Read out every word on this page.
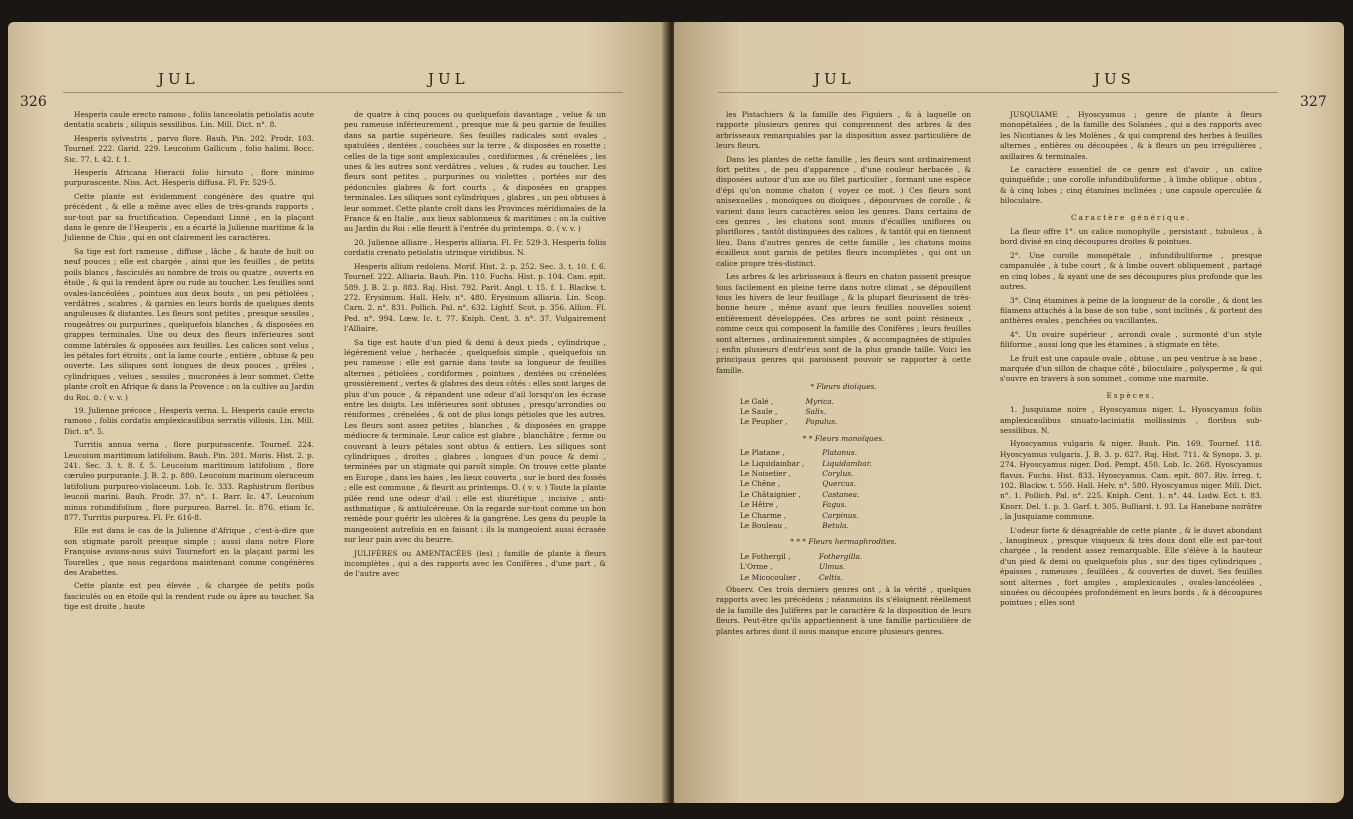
326
JUL	JUL

Hesperis caule erecto ramoso , foliis lanceolatis petiolatis acute dentatis scabris , siliquis sessilibus. Lin. Mill. Dict. n°. 8.

Hesperis sylvestris , parvo flore. Bauh. Pin. 202. Prodr. 103. Tournef. 222. Garid. 229. Leucoium Gallicum , folio halimi. Bocc. Sic. 77. t. 42. f. 1.

Hesperis Africana Hieracii folio hirsuto , flore minimo purpurascente. Niss. Act. Hesperis diffusa. Fl. Fr. 529-5.

Cette plante est évidemment congénère des quatre qui précèdent , & elle a même avec elles de très-grands rapports , sur-tout par sa fructification. Cependant Linné , en la plaçant dans le genre de l'Hesperis , en a écarté la Julienne maritime & la Julienne de Chio , qui en ont clairement les caractères.

Sa tige est fort rameuse , diffuse , lâche , & haute de huit ou neuf pouces ; elle est chargée , ainsi que les feuilles , de petits poils blancs , fasciculés au nombre de trois ou quatre , ouverts en étoile , & qui la rendent âpre ou rude au toucher. Les feuilles sont ovales-lancéolées , pointues aux deux bouts , un peu pétiolées , verdâtres , scabres , & garnies en leurs bords de quelques dents anguleuses & distantes. Les fleurs sont petites , presque sessiles , rougeâtres ou purpurines , quelquefois blanches , & disposées en grappes terminales. Une ou deux des fleurs inférieures sont comme latérales & opposées aux feuilles. Les calices sont velus , les pétales fort étroits , ont la lame courte , entière , obtuse & peu ouverte. Les siliques sont longues de deux pouces , grêles , cylindriques , velues , sessiles , mucronées à leur sommet. Cette plante croît en Afrique & dans la Provence : on la cultive au Jardin du Roi. ⊙. ( v. v. )

19. Julienne précoce , Hesperis verna. L. Hesperis caule erecto ramoso , foliis cordatis amplexicaulibus serratis villosis. Lin. Mill. Dict. n°. 5.

Turritis annua verna , flore purpurascente. Tournef. 224. Leucoium maritimum latifolium. Bauh. Pin. 201. Moris. Hist. 2. p. 241. Sec. 3. t. 8. f. 5. Leucoium maritimum latifolium , flore cæruleo purpurante. J. B. 2. p. 880. Leucoium marinum oleraceum latifolium purpureo-violaceum. Lob. Ic. 333. Raphistrum floribus leucoii marini. Bauh. Prodr. 37. n°. 1. Barr. Ic. 47. Leucoium minus rotundifolium , flore purpureo. Barrel. Ic. 876. etiam Ic. 877. Turritis purpurea. Fl. Fr. 616-8.

Elle est dans le cas de la Julienne d'Afrique , c'est-à-dire que son stigmate paroît presque simple ; aussi dans notre Flore Françoise avions-nous suivi Tournefort en la plaçant parmi les Tourelles , que nous regardons maintenant comme congénères des Arabettes.

Cette plante est peu élevée , & chargée de petits poils fasciculés ou en étoile qui la rendent rude ou âpre au toucher. Sa tige est droite , haute

de quatre à cinq pouces ou quelquefois davantage , velue & un peu rameuse inférieurement , presque nue & peu garnie de feuilles dans sa partie supérieure. Ses feuilles radicales sont ovales , spatulées , dentées , couchées sur la terre , & disposées en rosette ; celles de la tige sont amplexicaules , cordiformes , & crénelées , les unes & les autres sont verdâtres , velues , & rudes au toucher. Les fleurs sont petites , purpurines ou violettes , portées sur des pédoncules glabres & fort courts , & disposées en grappes terminales. Les siliques sont cylindriques , glabres , un peu obtuses à leur sommet. Cette plante croît dans les Provinces méridionales de la France & en Italie , aux lieux sablonneux & maritimes : on la cultive au Jardin du Roi : elle fleurit à l'entrée du printemps. ⊙. ( v. v. )

20. Julienne alliaire , Hesperis alliaria. Fl. Fr. 529-3. Hesperis foliis cordatis crenato petiolatis utrinque viridibus. N.

Hesperis allium redolens. Morif. Hist. 2. p. 252. Sec. 3. t. 10. f. 6. Tournef. 222. Alliaria. Bauh. Pin. 110. Fuchs. Hist. p. 104. Cam. epit. 589. J. B. 2. p. 883. Raj. Hist. 792. Parit. Angl. t. 15. f. 1. Blackw. t. 272. Erysimum. Hall. Helv. n°. 480. Erysimum alliaria. Lin. Scop. Carn. 2. n°. 831. Pollich. Pal. n°. 632. Lightf. Scot. p. 356. Allion. Fl. Ped. n°. 994. Lœw. Ic. t. 77. Kniph. Cent. 3. n°. 37. Vulgairement l'Alliaire.

Sa tige est haute d'un pied & demi à deux pieds , cylindrique , légèrement velue , herbacée , quelquefois simple , quelquefois un peu rameuse : elle est garnie dans toute sa longueur de feuilles alternes , pétiolées , cordiformes , pointues , dentées ou crénelées grossièrement , vertes & glabres des deux côtés : elles sont larges de plus d'un pouce , & répandent une odeur d'ail lorsqu'on les écrase entre les doigts. Les inférieures sont obtuses , presqu'arrondies ou réniformes , crénelées , & ont de plus longs pétioles que les autres. Les fleurs sont assez petites , blanches , & disposées en grappe médiocre & terminale. Leur calice est glabre , blanchâtre , ferme ou couvrant à leurs pétales sont obtus & entiers. Les siliques sont cylindriques , droites , glabres , longues d'un pouce & demi , terminées par un stigmate qui paroît simple. On trouve cette plante en Europe , dans les haies , les lieux couverts , sur le bord des fossés ; elle est commune , & fleurit au printemps. ℧. ( v. v. ) Toute la plante pilée rend une odeur d'ail : elle est diurétique , incisive , anti-asthmatique , & antiulcéreuse. On la regarde sur-tout comme un bon remède pour guérir les ulcères & la gangrène. Les gens du peuple la mangeoient autrefois en en faisant : ils la mangeoient aussi écrasée sur leur pain avec du beurre.

JULIFÈRES ou AMENTACÉES (les) ; famille de plante à fleurs incomplètes , qui a des rapports avec les Conifères , d'une part , & de l'autre avec

JUL	JUS
327

les Pistachiers & la famille des Figuiers , & à laquelle on rapporte plusieurs genres qui comprennent des arbres & des arbrisseaux remarquables par la disposition assez particulière de leurs fleurs.

Dans les plantes de cette famille , les fleurs sont ordinairement fort petites , de peu d'apparence , d'une couleur herbacée , & disposées autour d'un axe ou filet particulier , formant une espèce d'épi qu'on nomme chaton ( voyez ce mot. ) Ces fleurs sont unisexuelles , monoïques ou dioïques , dépourvues de corolle , & varient dans leurs caractères selon les genres. Dans certains de ces genres , les chatons sont munis d'écailles uniflores ou pluriflores , tantôt distinguées des calices , & tantôt qui en tiennent lieu. Dans d'autres genres de cette famille , les chatons moins écailleux sont garnis de petites fleurs incomplètes , qui ont un calice propre très-distinct.

Les arbres & les arbrisseaux à fleurs en chaton passent presque tous facilement en pleine terre dans notre climat , se dépouillent tous les hivers de leur feuillage , & la plupart fleurissent de très-bonne heure , même avant que leurs feuilles nouvelles soient entièrement développées. Ces arbres ne sont point résineux , comme ceux qui composent la famille des Conifères ; leurs feuilles sont alternes , ordinairement simples , & accompagnées de stipules ; enfin plusieurs d'entr'eux sont de la plus grande taille. Voici les principaux genres qui paroissent pouvoir se rapporter à cette famille.

* Fleurs dioïques.

Le Galé ,	Myrica.
Le Saule ,	Salix.
Le Peuplier ,	Populus.

* * Fleurs monoïques.

Le Platane ,	Platanus.
Le Liquidambar ,	Liquidambar.
Le Noisetier ,	Corylus.
Le Chêne ,	Quercus.
Le Châtaignier ,	Castanea.
Le Hêtre ,	Fagus.
Le Charme ,	Carpinus.
Le Bouleau ,	Betula.

* * * Fleurs hermaphrodites.

Le Fothergil ,	Fothergilla.
L'Orme ,	Ulmus.
Le Micocoulier ,	Celtis.

Observ. Ces trois derniers genres ont , à la vérité , quelques rapports avec les précédens ; néanmoins ils s'éloignent réellement de la famille des Julifères par le caractère & la disposition de leurs fleurs. Peut-être qu'ils appartiennent à une famille particulière de plantes arbres dont il nous manque encore plusieurs genres.

JUSQUIAME , Hyoscyamus ; genre de plante à fleurs monopétalées , de la famille des Solanées , qui a des rapports avec les Nicotianes & les Molènes , & qui comprend des herbes à feuilles alternes , entières ou découpées , & à fleurs un peu irrégulières , axillaires & terminales.

Le caractère essentiel de ce genre est d'avoir , un calice quinquéfide ; une corolle infundibuliforme , à limbe oblique , obtus , & à cinq lobes ; cinq étamines inclinées ; une capsule operculée & biloculaire.

Caractère générique.

La fleur offre 1°. un calice monophylle , persistant , tubuleux , à bord divisé en cinq découpures droites & pointues.

2°. Une corolle monopétale , infundibuliforme , presque campanulée , à tube court , & à limbe ouvert obliquement , partagé en cinq lobes , & ayant une de ses découpures plus profonde que les autres.

3°. Cinq étamines à peine de la longueur de la corolle , & dont les filamens attachés à la base de son tube , sont inclinés , & portent des anthères ovales , penchées ou vacillantes.

4°. Un ovaire supérieur , arrondi ovale , surmonté d'un style filiforme , aussi long que les étamines , à stigmate en tête.

Le fruit est une capsule ovale , obtuse , un peu ventrue à sa base , marquée d'un sillon de chaque côté , biloculaire , polysperme , & qui s'ouvre en travers à son sommet , comme une marmite.

Espèces.

1. Jusquiame noire , Hyoscyamus niger. L. Hyoscyamus foliis amplexicaulibus sinuato-laciniatis mollissimis , floribus sub-sessilibus. N.

Hyoscyamus vulgaris & niger. Bauh. Pin. 169. Tournef. 118. Hyoscyamus vulgaris. J. B. 3. p. 627. Raj. Hist. 711. & Synops. 3. p. 274. Hyoscyamus niger. Dod. Pempt. 450. Lob. Ic. 268. Hyoscyamus flavus. Fuchs. Hist. 833. Hyoscyamus. Cam. epit. 807. Riv. Irreg. t. 102. Blackw. t. 550. Hall. Helv. n°. 580. Hyoscyamus niger. Mill. Dict. n°. 1. Pollich. Pal. n°. 225. Kniph. Cent. 1. n°. 44. Ludw. Ect. t. 83. Knorr. Del. 1. p. 3. Garf. t. 305. Bulliard. t. 93. La Hanebane noirâtre , la Jusquiame commune.

L'odeur forte & désagréable de cette plante , & le duvet abondant , lanugineux , presque visqueux & très doux dont elle est par-tout chargée , la rendent assez remarquable. Elle s'élève à la hauteur d'un pied & demi ou quelquefois plus , sur des tiges cylindriques , épaisses , rameuses , feuillées , & couvertes de duvet. Ses feuilles sont alternes , fort amples , amplexicaules , ovales-lancéolées , sinuées ou découpées profondément en leurs bords , & à découpures pointues ; elles sont
